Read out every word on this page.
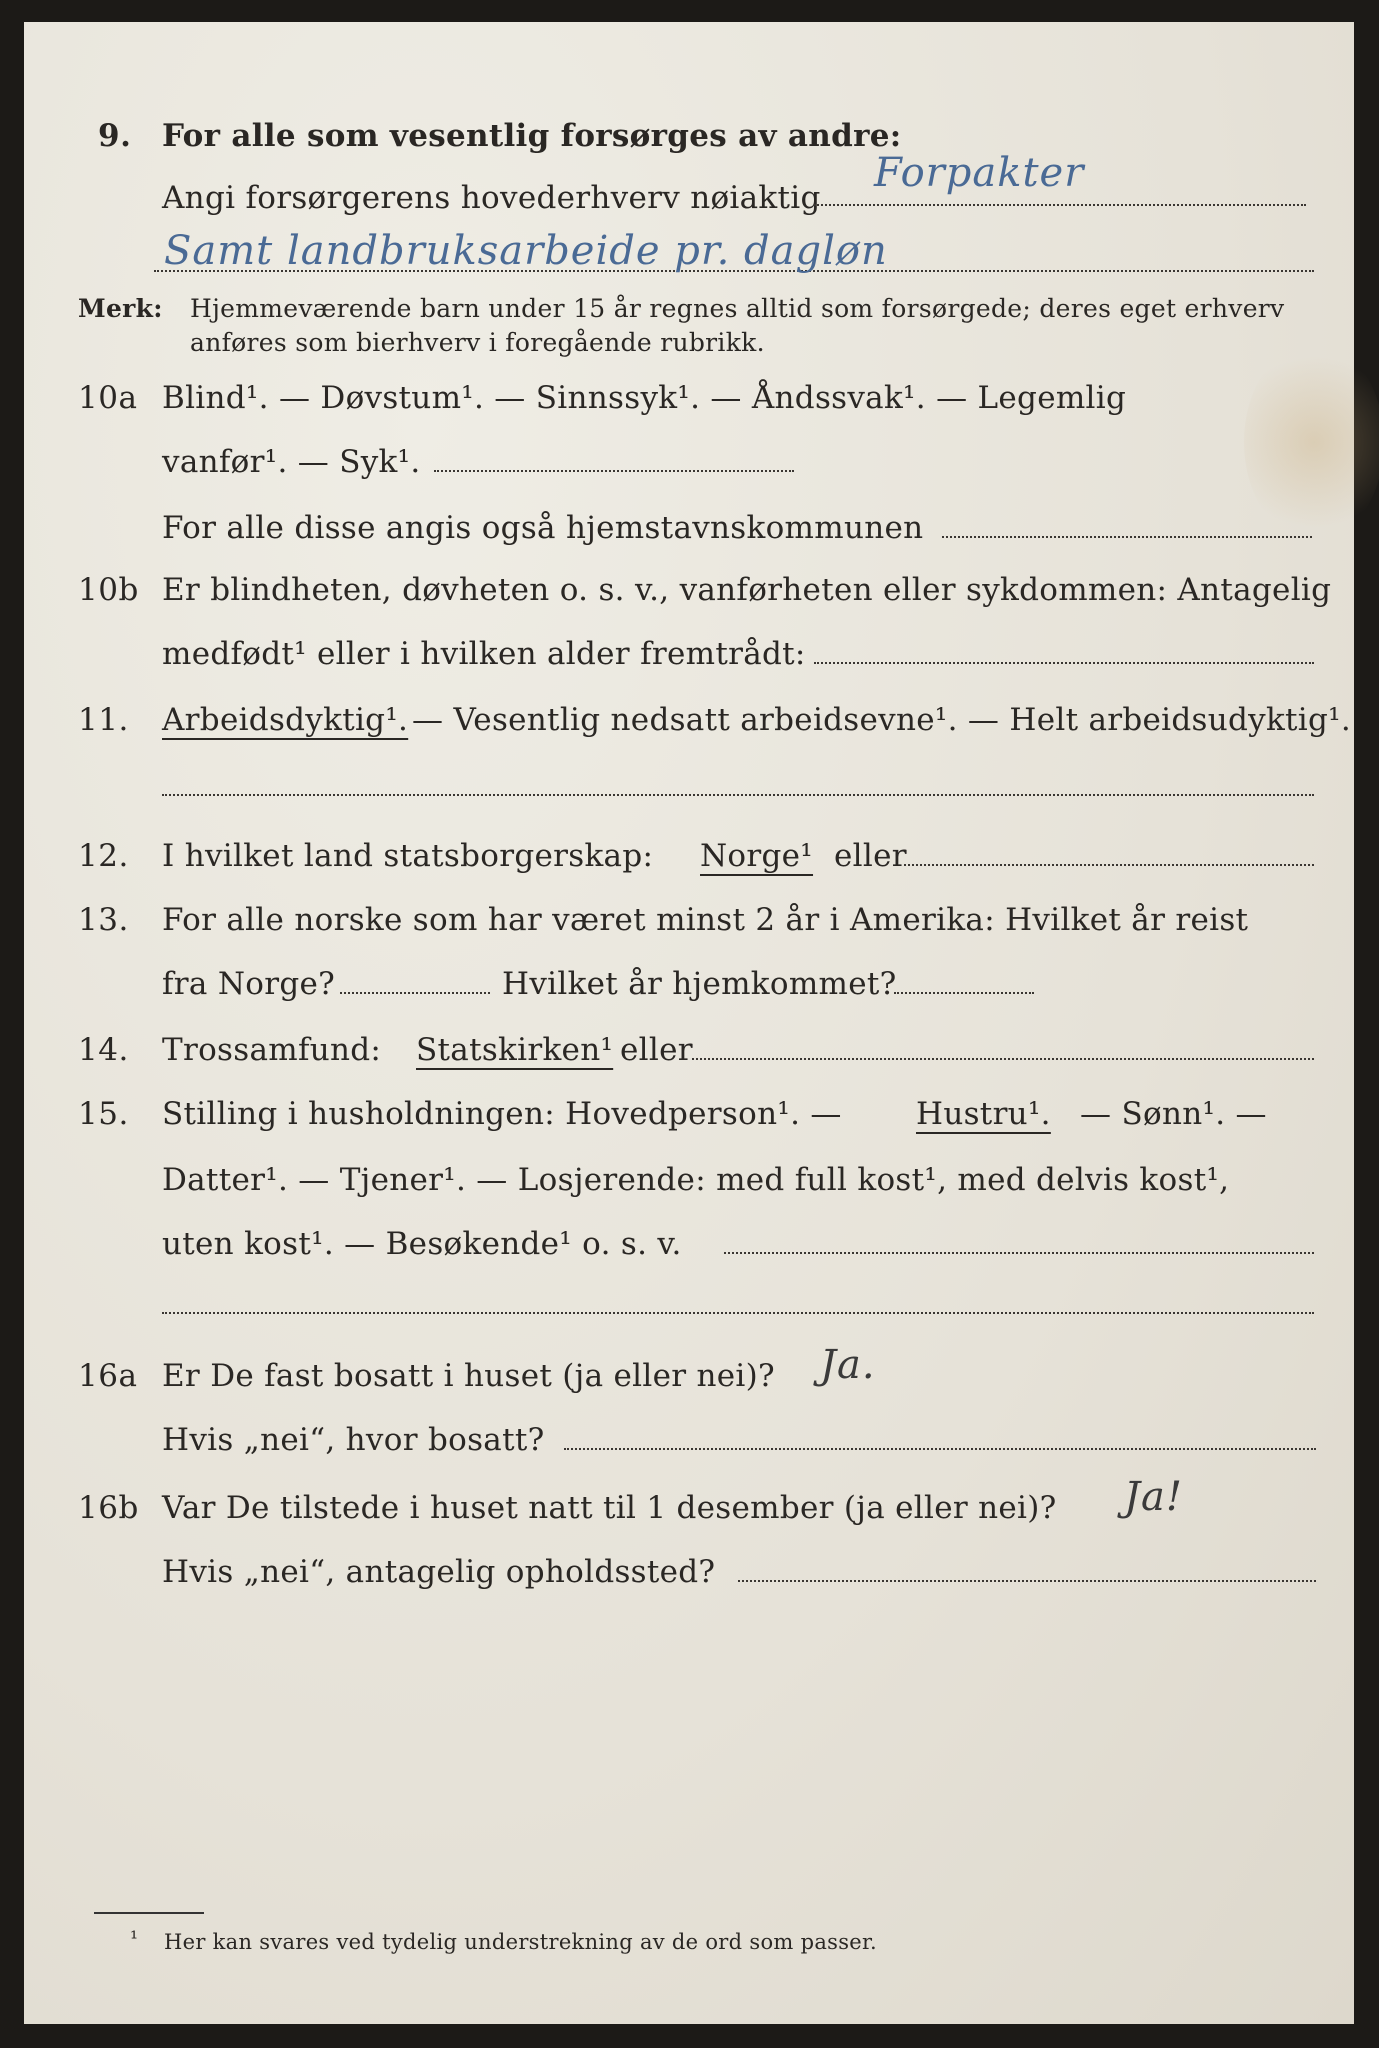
9. For alle som vesentlig forsørges av andre:
Angi forsørgerens hovederhverv nøiaktig
Forpakter
Samt landbruksarbeide pr. dagløn
Merk: Hjemmeværende barn under 15 år regnes alltid som forsørgede; deres eget erhverv
anføres som bierhverv i foregående rubrikk.
10a Blind¹. — Døvstum¹. — Sinnssyk¹. — Åndssvak¹. — Legemlig
vanfør¹. — Syk¹.
For alle disse angis også hjemstavnskommunen
10b Er blindheten, døvheten o. s. v., vanførheten eller sykdommen: Antagelig
medfødt¹ eller i hvilken alder fremtrådt:
11. Arbeidsdyktig¹. — Vesentlig nedsatt arbeidsevne¹. — Helt arbeidsudyktig¹.
12. I hvilket land statsborgerskap: Norge¹ eller
13. For alle norske som har været minst 2 år i Amerika: Hvilket år reist
fra Norge?	Hvilket år hjemkommet?
14. Trossamfund: Statskirken¹ eller
15. Stilling i husholdningen: Hovedperson¹. — Hustru¹. — Sønn¹. —
Datter¹. — Tjener¹. — Losjerende: med full kost¹, med delvis kost¹,
uten kost¹. — Besøkende¹ o. s. v.
16a Er De fast bosatt i huset (ja eller nei)? Ja.
Hvis „nei“, hvor bosatt?
16b Var De tilstede i huset natt til 1 desember (ja eller nei)? Ja!
Hvis „nei“, antagelig opholdssted?
¹ Her kan svares ved tydelig understrekning av de ord som passer.
